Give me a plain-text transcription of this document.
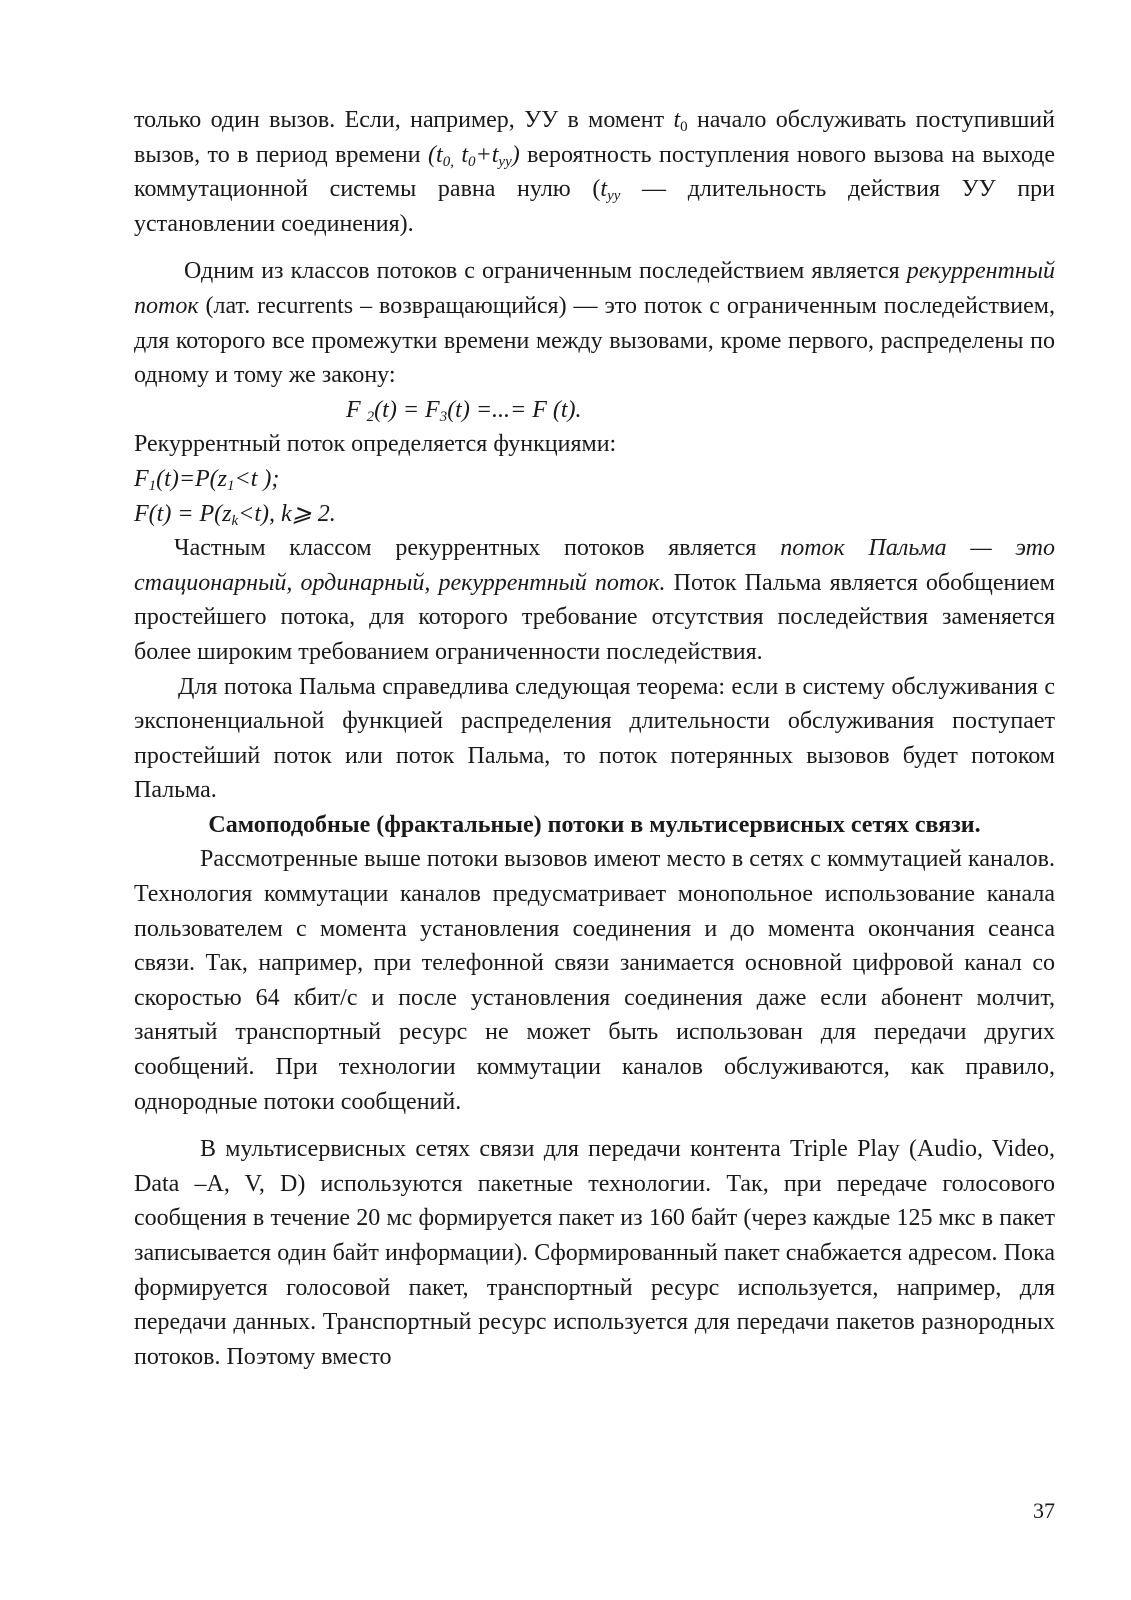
только один вызов. Если, например, УУ в момент $t_0$ начало обслуживать поступивший вызов, то в период времени ($t_{0,}$ $t_0+t_{уу}$) вероятность поступления нового вызова на выходе коммутационной системы равна нулю ($t_{уу}$ — длительность действия УУ при установлении соединения).

Одним из классов потоков с ограниченным последействием является рекуррентный поток (лат. recurrents – возвращающийся) — это поток с ограниченным последействием, для которого все промежутки времени между вызовами, кроме первого, распределены по одному и тому же закону:

F $_2(t) = F_3(t)$ =...= F (t).

Рекуррентный поток определяется функциями:

$F_1(t)=P(z_1<t$ );

$F(t) = P(z_k<t)$, k⩾ 2.

Частным классом рекуррентных потоков является поток Пальма — это стационарный, ординарный, рекуррентный поток. Поток Пальма является обобщением простейшего потока, для которого требование отсутствия последействия заменяется более широким требованием ограниченности последействия.

Для потока Пальма справедлива следующая теорема: если в систему обслуживания с экспоненциальной функцией распределения длительности обслуживания поступает простейший поток или поток Пальма, то поток потерянных вызовов будет потоком Пальма.

Самоподобные (фрактальные) потоки в мультисервисных сетях связи.

Рассмотренные выше потоки вызовов имеют место в сетях с коммутацией каналов. Технология коммутации каналов предусматривает монопольное использование канала пользователем с момента установления соединения и до момента окончания сеанса связи. Так, например, при телефонной связи занимается основной цифровой канал со скоростью 64 кбит/с и после установления соединения даже если абонент молчит, занятый транспортный ресурс не может быть использован для передачи других сообщений. При технологии коммутации каналов обслуживаются, как правило, однородные потоки сообщений.

В мультисервисных сетях связи для передачи контента Triple Play (Audio, Video, Data –A, V, D) используются пакетные технологии. Так, при передаче голосового сообщения в течение 20 мс формируется пакет из 160 байт (через каждые 125 мкс в пакет записывается один байт информации). Сформированный пакет снабжается адресом. Пока формируется голосовой пакет, транспортный ресурс используется, например, для передачи данных. Транспортный ресурс используется для передачи пакетов разнородных потоков. Поэтому вместо

37
